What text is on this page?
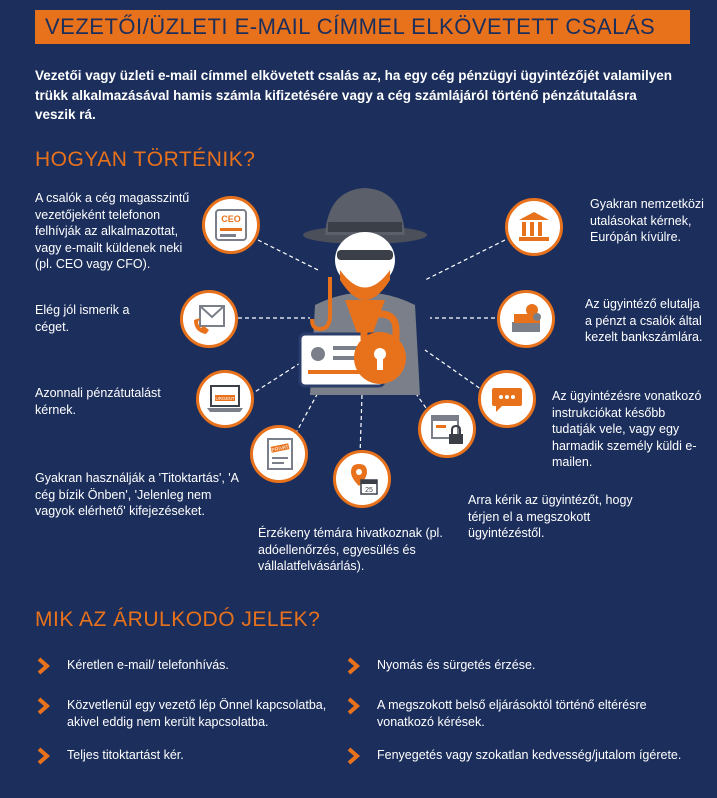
VEZETŐI/ÜZLETI E-MAIL CÍMMEL ELKÖVETETT CSALÁS
Vezetői vagy üzleti e-mail címmel elkövetett csalás az, ha egy cég pénzügyi ügyintézőjét valamilyen trükk alkalmazásával hamis számla kifizetésére vagy a cég számlájáról történő pénzátutalásra veszik rá.
HOGYAN TÖRTÉNIK?
CEO
URGENT
PRIVAT
25
A csalók a cég magasszintű vezetőjeként telefonon felhívják az alkalmazottat, vagy e-mailt küldenek neki (pl. CEO vagy CFO).
Elég jól ismerik a céget.
Azonnali pénzátutalást kérnek.
Gyakran használják a 'Titoktartás', 'A cég bízik Önben', 'Jelenleg nem vagyok elérhető' kifejezéseket.
Érzékeny témára hivatkoznak (pl. adóellenőrzés, egyesülés és vállalatfelvásárlás).
Arra kérik az ügyintézőt, hogy térjen el a megszokott ügyintézéstől.
Az ügyintézésre vonatkozó instrukciókat később tudatják vele, vagy egy harmadik személy küldi e-mailen.
Az ügyintéző elutalja a pénzt a csalók által kezelt bankszámlára.
Gyakran nemzetközi utalásokat kérnek, Európán kívülre.
MIK AZ ÁRULKODÓ JELEK?
Kéretlen e-mail/ telefonhívás.
Közvetlenül egy vezető lép Önnel kapcsolatba, akivel eddig nem került kapcsolatba.
Teljes titoktartást kér.
Nyomás és sürgetés érzése.
A megszokott belső eljárásoktól történő eltérésre vonatkozó kérések.
Fenyegetés vagy szokatlan kedvesség/jutalom ígérete.
